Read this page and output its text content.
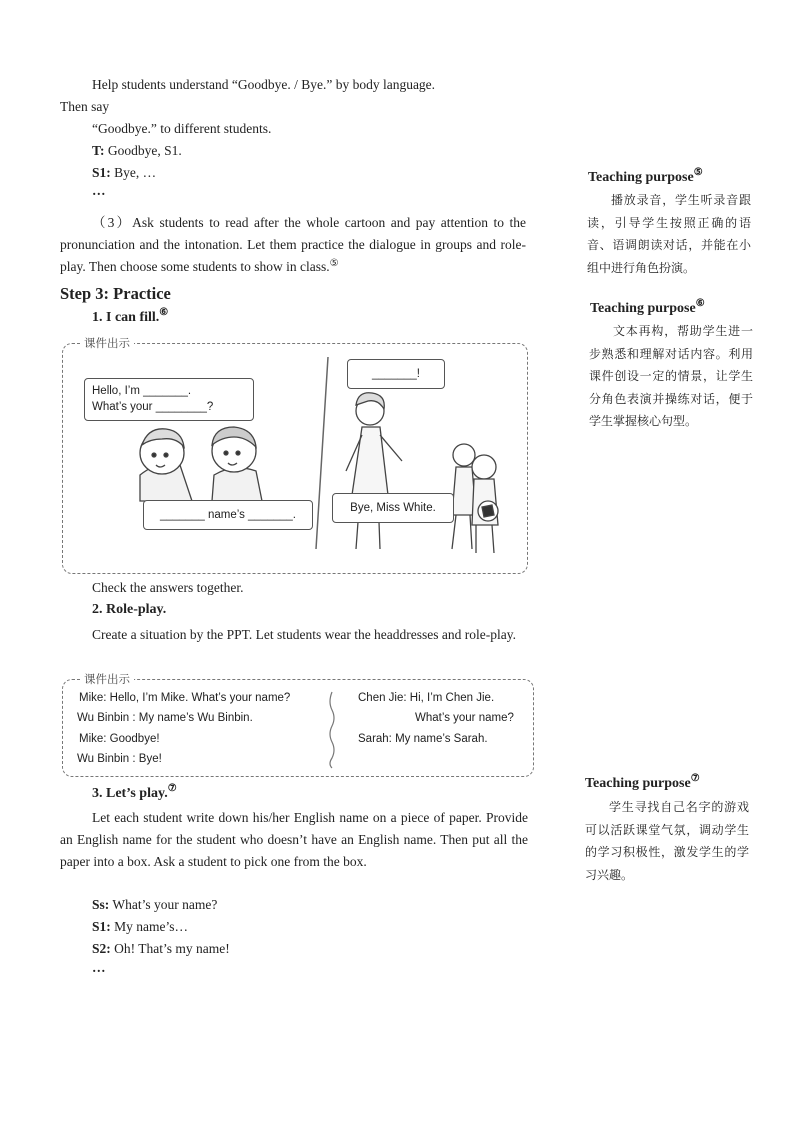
Help students understand “Goodbye. / Bye.” by body language.
Then say
“Goodbye.” to different students.
T: Goodbye, S1.
S1: Bye, …
…
（3）Ask students to read after the whole cartoon and pay attention to the pronunciation and the intonation. Let them practice the dialogue in groups and role-play. Then choose some students to show in class.⑤
Step 3: Practice
1. I can fill.⑥
课件出示
Hello, I’m _______.
What’s your ________?
_______ name’s _______.
_______!
Bye, Miss White.
Check the answers together.
2. Role-play.
Create a situation by the PPT. Let students wear the headdresses and role-play.
课件出示
Mike: Hello, I’m Mike. What’s your name?
Wu Binbin : My name’s Wu Binbin.
Mike: Goodbye!
Wu Binbin : Bye!
Chen Jie: Hi, I’m Chen Jie.
What’s your name?
Sarah: My name’s Sarah.
3. Let’s play.⑦
Let each student write down his/her English name on a piece of paper. Provide an English name for the student who doesn’t have an English name. Then put all the paper into a box. Ask a student to pick one from the box.
Ss: What’s your name?
S1: My name’s…
S2: Oh! That’s my name!
…
Teaching purpose⑤
播放录音，学生听录音跟读，引导学生按照正确的语音、语调朗读对话，并能在小组中进行角色扮演。
Teaching purpose⑥
文本再构，帮助学生进一步熟悉和理解对话内容。利用课件创设一定的情景，让学生分角色表演并操练对话，便于学生掌握核心句型。
Teaching purpose⑦
学生寻找自己名字的游戏可以活跃课堂气氛，调动学生的学习积极性，激发学生的学习兴趣。
